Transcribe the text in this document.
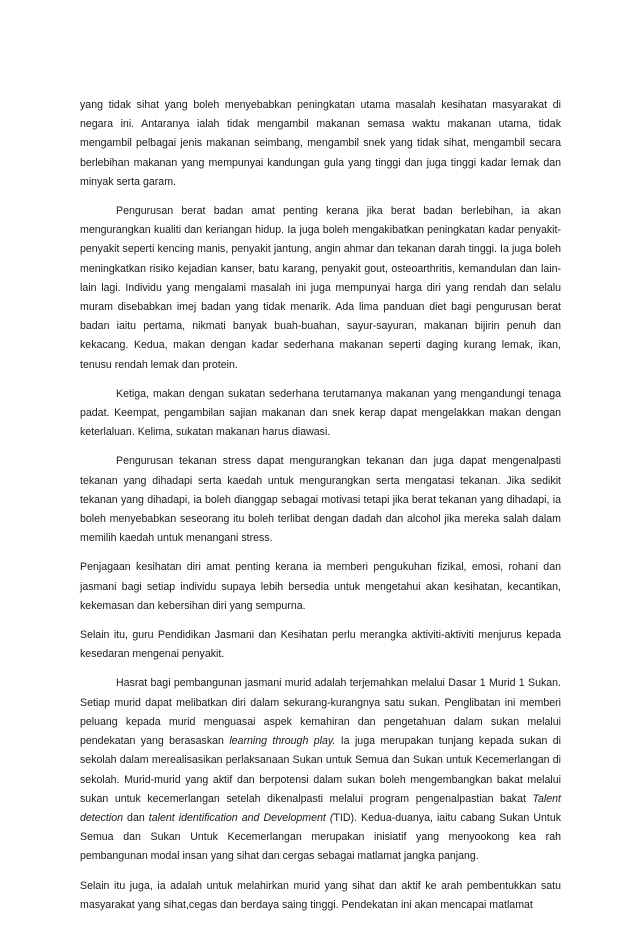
yang tidak sihat yang boleh menyebabkan peningkatan utama masalah kesihatan masyarakat di negara ini. Antaranya ialah tidak mengambil makanan semasa waktu makanan utama, tidak mengambil pelbagai jenis makanan seimbang, mengambil snek yang tidak sihat, mengambil secara berlebihan makanan yang mempunyai kandungan gula yang tinggi dan juga tinggi kadar lemak dan minyak serta garam.

Pengurusan berat badan amat penting kerana jika berat badan berlebihan, ia akan mengurangkan kualiti dan keriangan hidup. Ia juga boleh mengakibatkan peningkatan kadar penyakit-penyakit seperti kencing manis, penyakit jantung, angin ahmar dan tekanan darah tinggi. Ia juga boleh meningkatkan risiko kejadian kanser, batu karang, penyakit gout, osteoarthritis, kemandulan dan lain-lain lagi. Individu yang mengalami masalah ini juga mempunyai harga diri yang rendah dan selalu muram disebabkan imej badan yang tidak menarik. Ada lima panduan diet bagi pengurusan berat badan iaitu pertama, nikmati banyak buah-buahan, sayur-sayuran, makanan bijirin penuh dan kekacang. Kedua, makan dengan kadar sederhana makanan seperti daging kurang lemak, ikan, tenusu rendah lemak dan protein.

Ketiga, makan dengan sukatan sederhana terutamanya makanan yang mengandungi tenaga padat. Keempat, pengambilan sajian makanan dan snek kerap dapat mengelakkan makan dengan keterlaluan. Kelima, sukatan makanan harus diawasi.

Pengurusan tekanan stress dapat mengurangkan tekanan dan juga dapat mengenalpasti tekanan yang dihadapi serta kaedah untuk mengurangkan serta mengatasi tekanan. Jika sedikit tekanan yang dihadapi, ia boleh dianggap sebagai motivasi tetapi jika berat tekanan yang dihadapi, ia boleh menyebabkan seseorang itu boleh terlibat dengan dadah dan alcohol jika mereka salah dalam memilih kaedah untuk menangani stress.

Penjagaan kesihatan diri amat penting kerana ia memberi pengukuhan fizikal, emosi, rohani dan jasmani bagi setiap individu supaya lebih bersedia untuk mengetahui akan kesihatan, kecantikan, kekemasan dan kebersihan diri yang sempurna.

Selain itu, guru Pendidikan Jasmani dan Kesihatan perlu merangka aktiviti-aktiviti menjurus kepada kesedaran mengenai penyakit.

Hasrat bagi pembangunan jasmani murid adalah terjemahkan melalui Dasar 1 Murid 1 Sukan. Setiap murid dapat melibatkan diri dalam sekurang-kurangnya satu sukan. Penglibatan ini memberi peluang kepada murid menguasai aspek kemahiran dan pengetahuan dalam sukan melalui pendekatan yang berasaskan learning through play. Ia juga merupakan tunjang kepada sukan di sekolah dalam merealisasikan perlaksanaan Sukan untuk Semua dan Sukan untuk Kecemerlangan di sekolah. Murid-murid yang aktif dan berpotensi dalam sukan boleh mengembangkan bakat melalui sukan untuk kecemerlangan setelah dikenalpasti melalui program pengenalpastian bakat Talent detection dan talent identification and Development (TID). Kedua-duanya, iaitu cabang Sukan Untuk Semua dan Sukan Untuk Kecemerlangan merupakan inisiatif yang menyookong kea rah pembangunan modal insan yang sihat dan cergas sebagai matlamat jangka panjang.

Selain itu juga, ia adalah untuk melahirkan murid yang sihat dan aktif ke arah pembentukkan satu masyarakat yang sihat,cegas dan berdaya saing tinggi. Pendekatan ini akan mencapai matlamat
